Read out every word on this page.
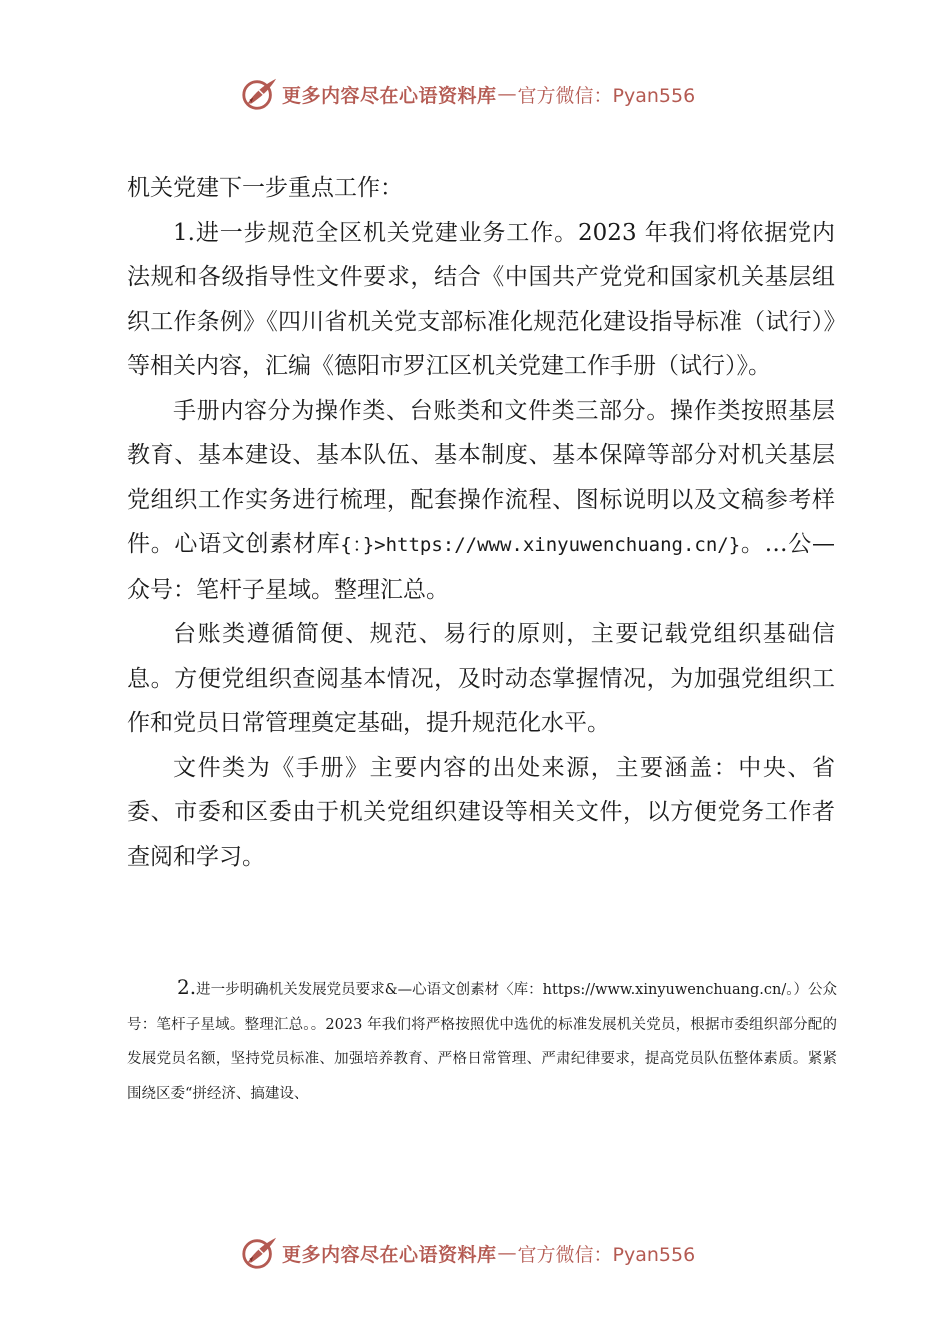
更多内容尽在心语资料库 — 官方微信：Pyan556

机关党建下一步重点工作：

1.进一步规范全区机关党建业务工作。2023 年我们将依据党内法规和各级指导性文件要求，结合《中国共产党党和国家机关基层组织工作条例》《四川省机关党支部标准化规范化建设指导标准（试行）》等相关内容，汇编《德阳市罗江区机关党建工作手册（试行）》。

手册内容分为操作类、台账类和文件类三部分。操作类按照基层教育、基本建设、基本队伍、基本制度、基本保障等部分对机关基层党组织工作实务进行梳理，配套操作流程、图标说明以及文稿参考样件。心语文创素材库{：}>https://www.xinyuwenchuang.cn/}。…公—众号：笔杆子星域。整理汇总。

台账类遵循简便、规范、易行的原则，主要记载党组织基础信息。方便党组织查阅基本情况，及时动态掌握情况，为加强党组织工作和党员日常管理奠定基础，提升规范化水平。

文件类为《手册》主要内容的出处来源，主要涵盖：中央、省委、市委和区委由于机关党组织建设等相关文件，以方便党务工作者查阅和学习。

2.进一步明确机关发展党员要求&—心语文创素材〈库：https://www.xinyuwenchuang.cn/。）公众号：笔杆子星域。整理汇总。。2023 年我们将严格按照优中选优的标准发展机关党员，根据市委组织部分配的发展党员名额，坚持党员标准、加强培养教育、严格日常管理、严肃纪律要求，提高党员队伍整体素质。紧紧围绕区委“拼经济、搞建设、
更多内容尽在心语资料库 — 官方微信：Pyan556
